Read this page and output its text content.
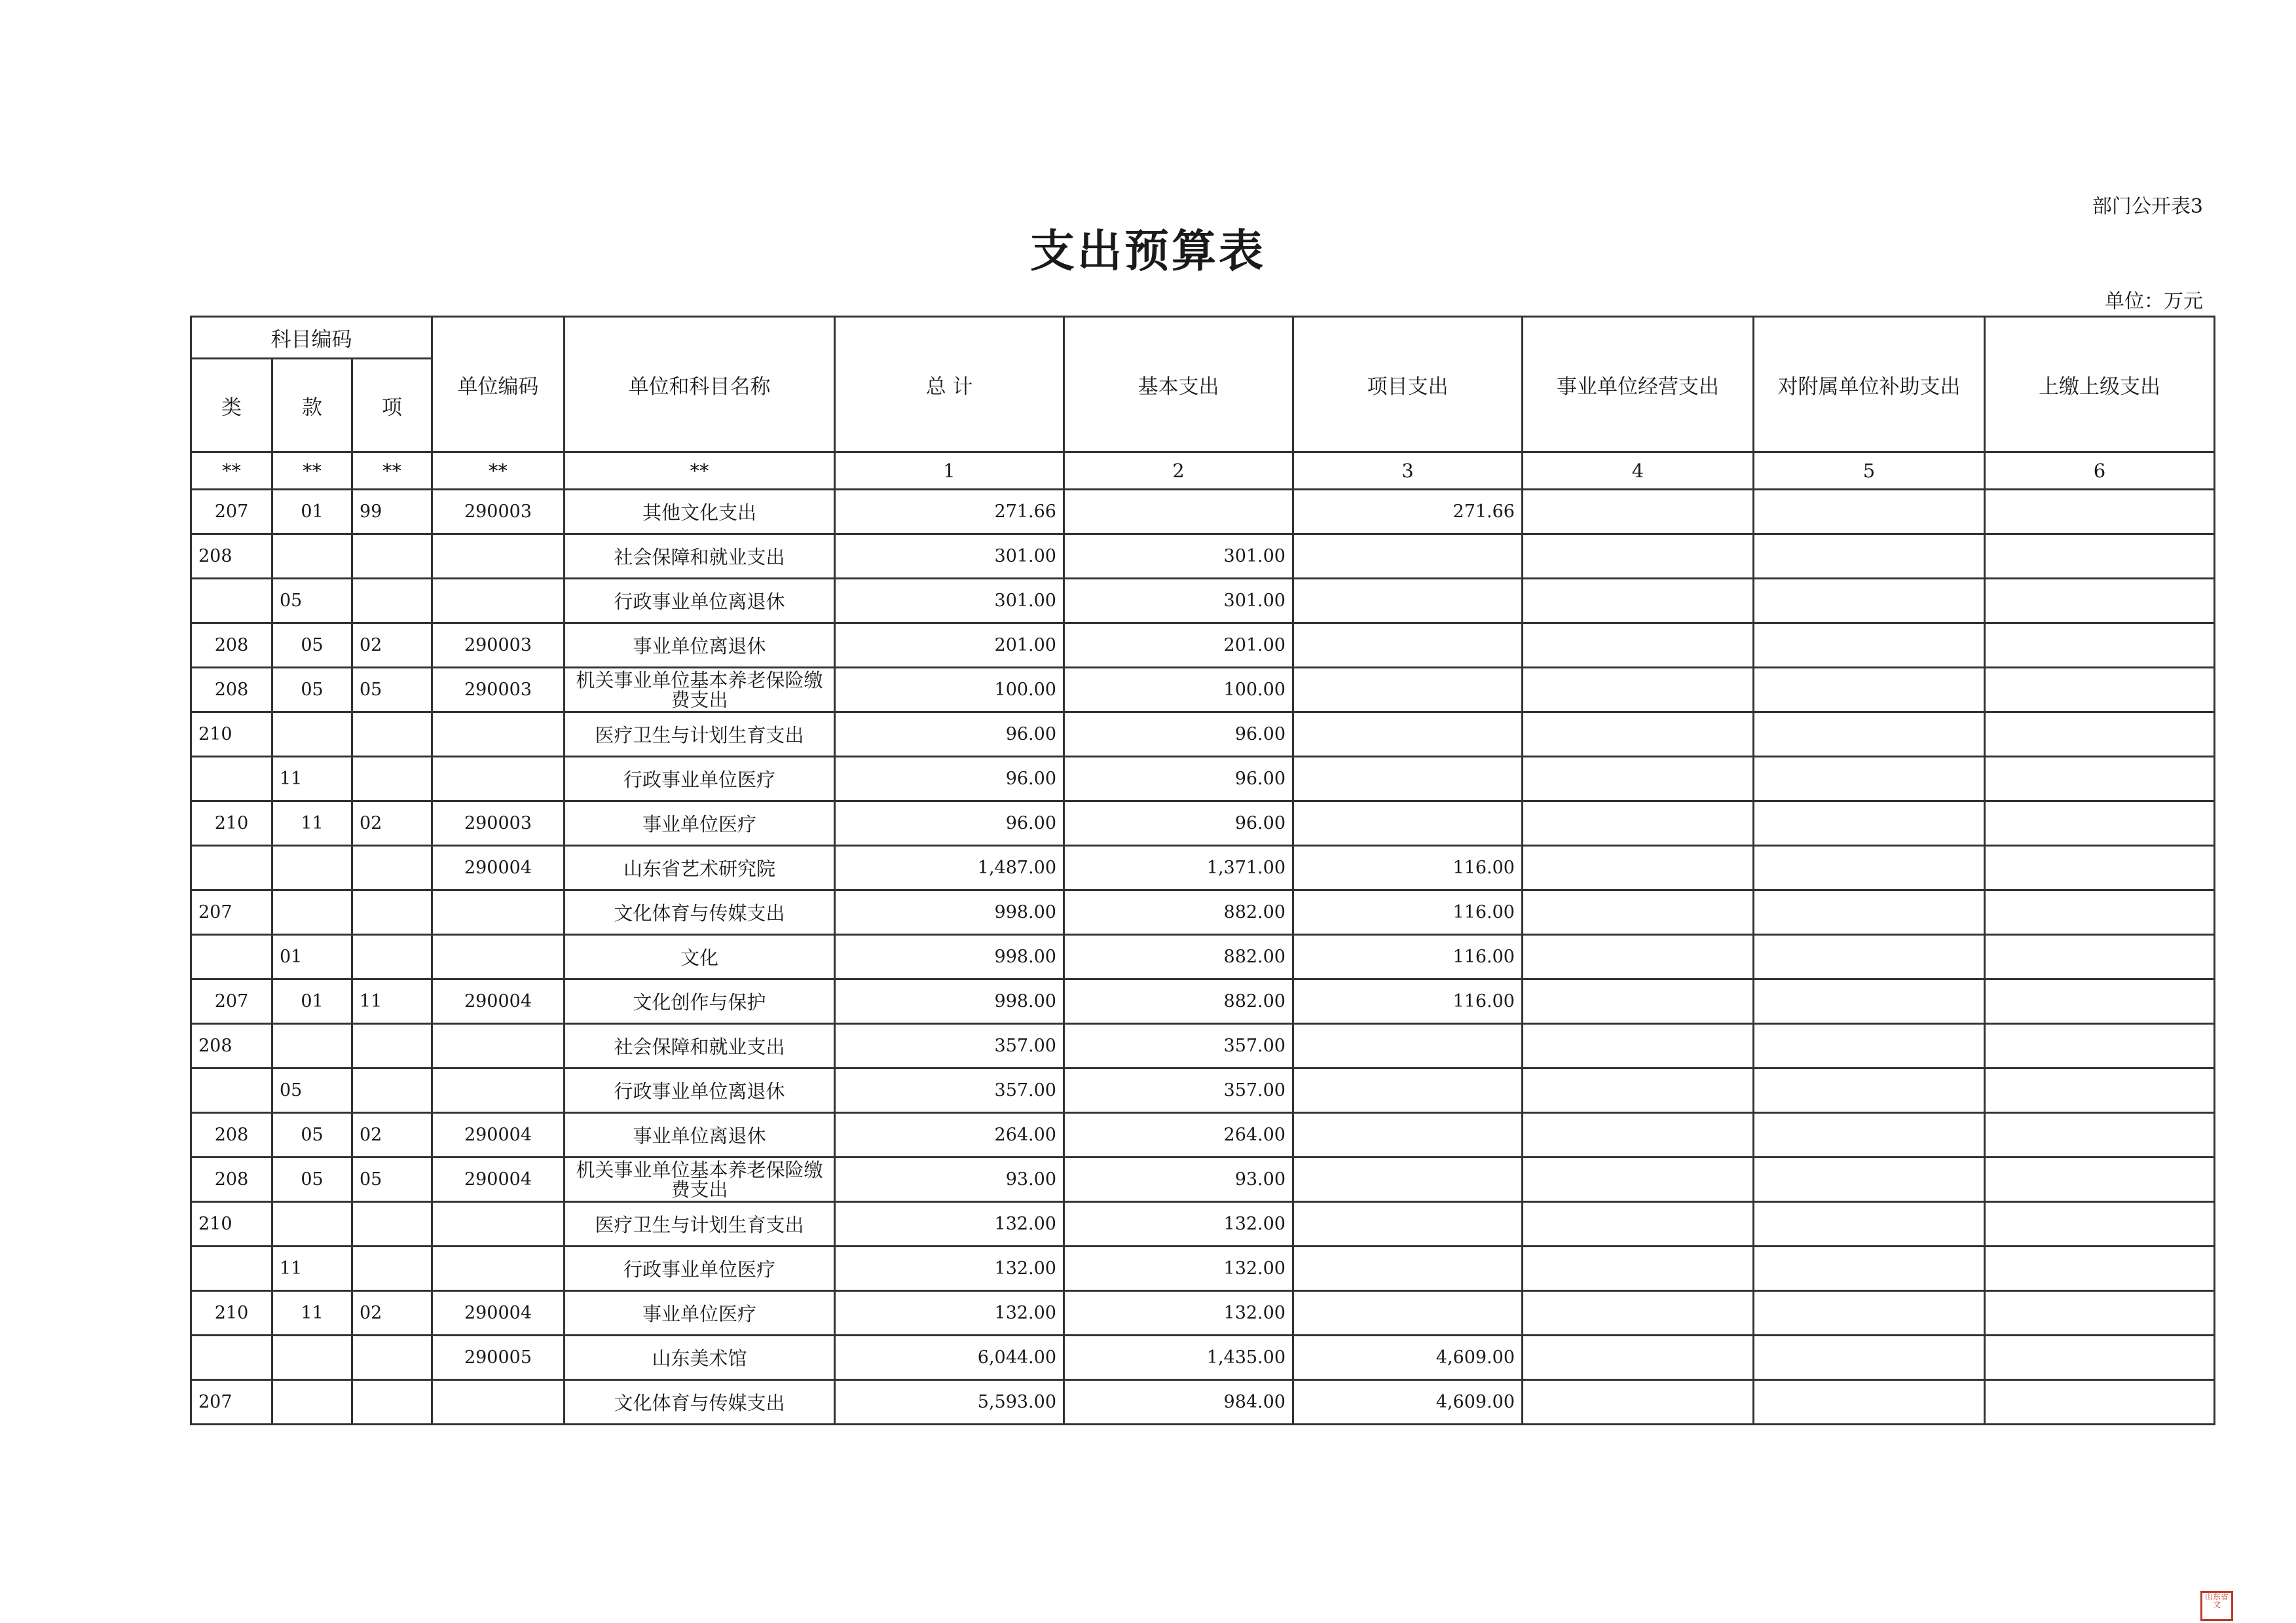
部门公开表3
支出预算表
单位：万元
科目编码			单位编码	单位和科目名称	总 计	基本支出	项目支出	事业单位经营支出	对附属单位补助支出	上缴上级支出
类	款	项								
**	**	**	**	**	1	2	3	4	5	6
207	01	99	290003	其他文化支出	271.66		271.66			
208				社会保障和就业支出	301.00	301.00				
	05			行政事业单位离退休	301.00	301.00				
208	05	02	290003	事业单位离退休	201.00	201.00				
208	05	05	290003	机关事业单位基本养老保险缴费支出	100.00	100.00				
210				医疗卫生与计划生育支出	96.00	96.00				
	11			行政事业单位医疗	96.00	96.00				
210	11	02	290003	事业单位医疗	96.00	96.00				
			290004	山东省艺术研究院	1,487.00	1,371.00	116.00			
207				文化体育与传媒支出	998.00	882.00	116.00			
	01			文化	998.00	882.00	116.00			
207	01	11	290004	文化创作与保护	998.00	882.00	116.00			
208				社会保障和就业支出	357.00	357.00				
	05			行政事业单位离退休	357.00	357.00				
208	05	02	290004	事业单位离退休	264.00	264.00				
208	05	05	290004	机关事业单位基本养老保险缴费支出	93.00	93.00				
210				医疗卫生与计划生育支出	132.00	132.00				
	11			行政事业单位医疗	132.00	132.00				
210	11	02	290004	事业单位医疗	132.00	132.00				
			290005	山东美术馆	6,044.00	1,435.00	4,609.00			
207				文化体育与传媒支出	5,593.00	984.00	4,609.00			
山东省文
